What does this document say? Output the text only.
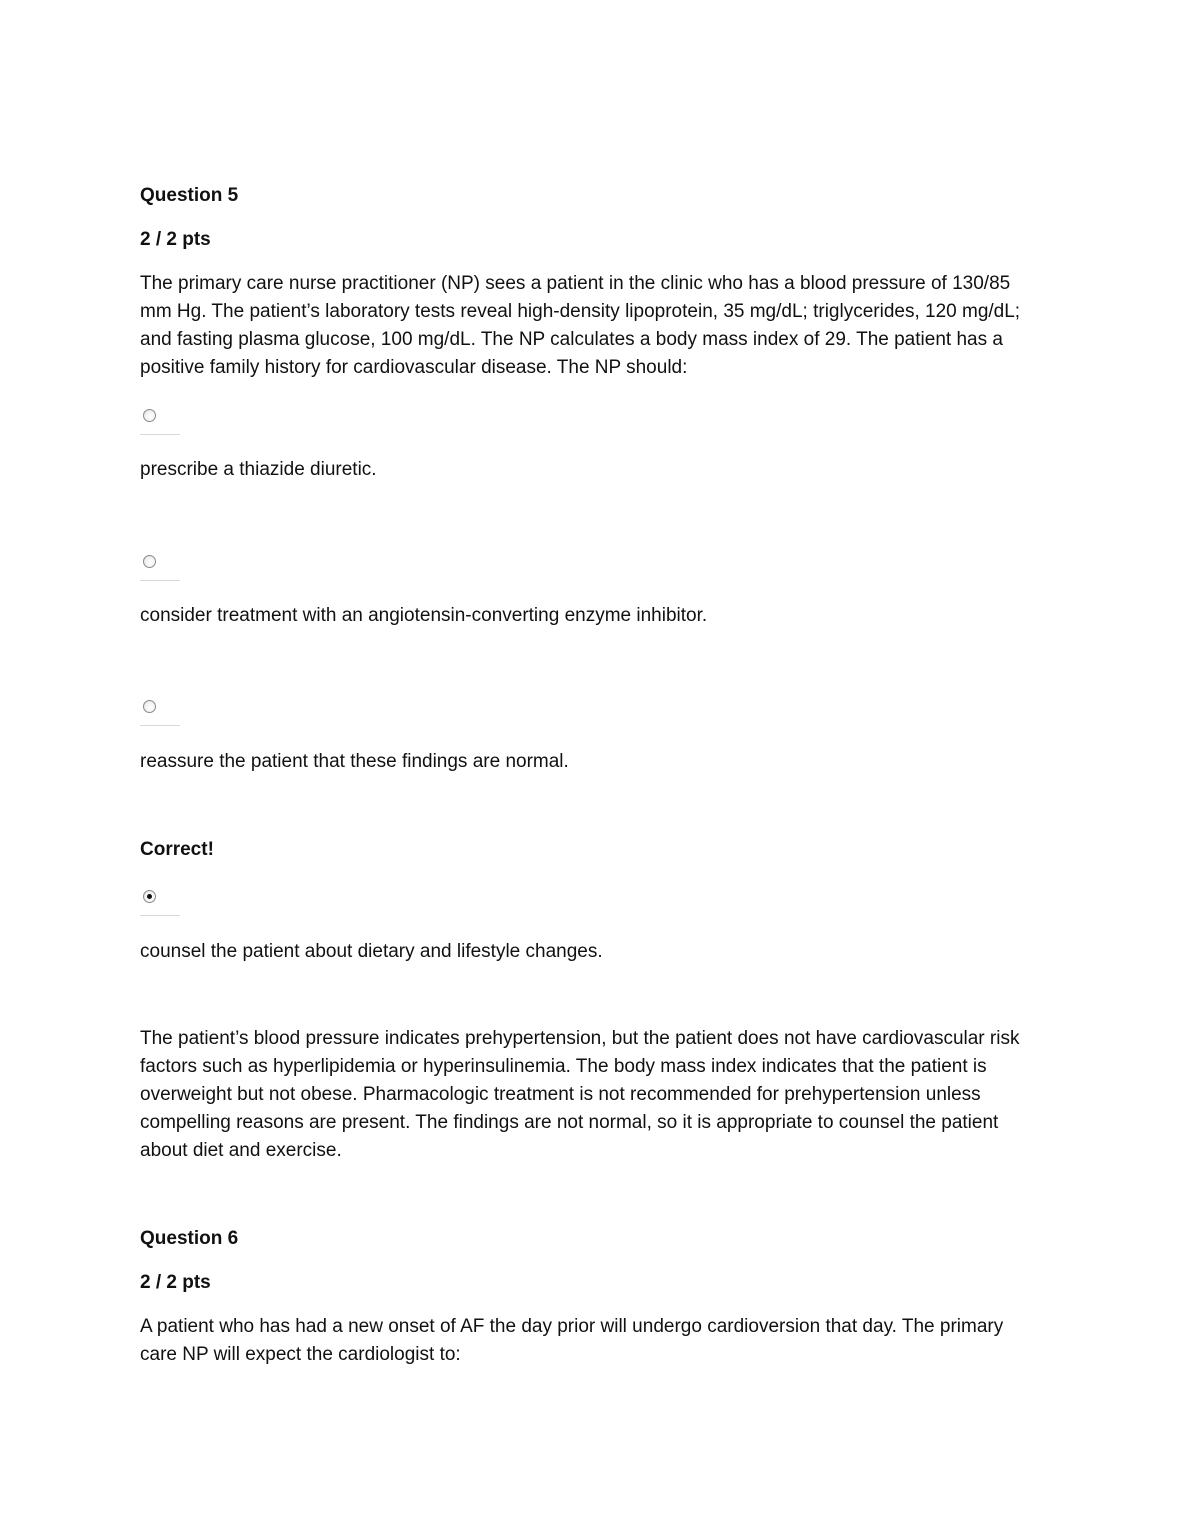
Question 5
2 / 2 pts
The primary care nurse practitioner (NP) sees a patient in the clinic who has a blood pressure of 130/85 mm Hg. The patient’s laboratory tests reveal high-density lipoprotein, 35 mg/dL; triglycerides, 120 mg/dL; and fasting plasma glucose, 100 mg/dL. The NP calculates a body mass index of 29. The patient has a positive family history for cardiovascular disease. The NP should:
prescribe a thiazide diuretic.
consider treatment with an angiotensin-converting enzyme inhibitor.
reassure the patient that these findings are normal.
Correct!
counsel the patient about dietary and lifestyle changes.
The patient’s blood pressure indicates prehypertension, but the patient does not have cardiovascular risk factors such as hyperlipidemia or hyperinsulinemia. The body mass index indicates that the patient is overweight but not obese. Pharmacologic treatment is not recommended for prehypertension unless compelling reasons are present. The findings are not normal, so it is appropriate to counsel the patient about diet and exercise.
Question 6
2 / 2 pts
A patient who has had a new onset of AF the day prior will undergo cardioversion that day. The primary care NP will expect the cardiologist to:
